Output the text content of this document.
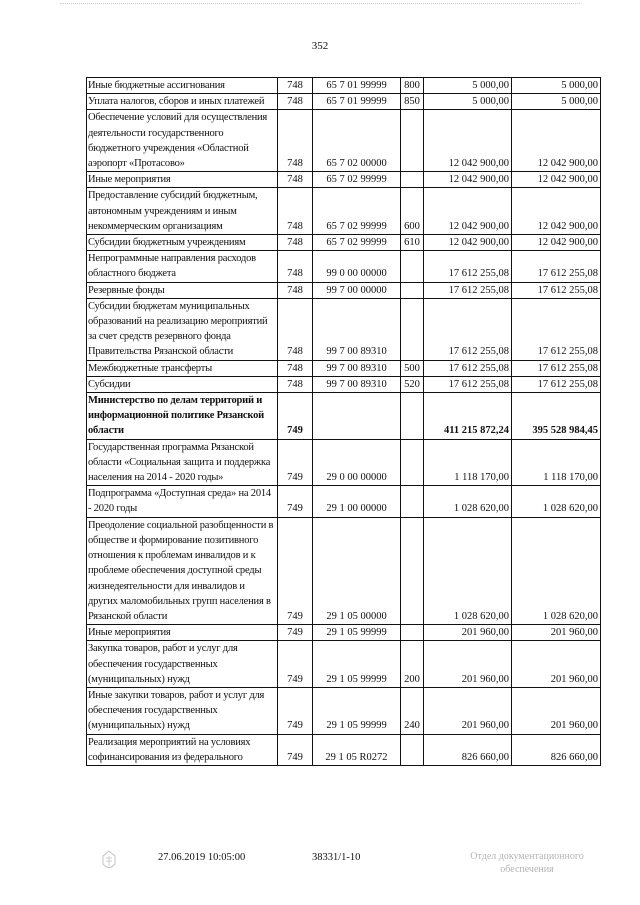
352
Иные бюджетные ассигнования	748	65 7 01 99999	800	5 000,00	5 000,00
Уплата налогов, сборов и иных платежей	748	65 7 01 99999	850	5 000,00	5 000,00
Обеспечение условий для осуществления деятельности государственного бюджетного учреждения «Областной аэропорт «Протасово»	748	65 7 02 00000		12 042 900,00	12 042 900,00
Иные мероприятия	748	65 7 02 99999		12 042 900,00	12 042 900,00
Предоставление субсидий бюджетным, автономным учреждениям и иным некоммерческим организациям	748	65 7 02 99999	600	12 042 900,00	12 042 900,00
Субсидии бюджетным учреждениям	748	65 7 02 99999	610	12 042 900,00	12 042 900,00
Непрограммные направления расходов областного бюджета	748	99 0 00 00000		17 612 255,08	17 612 255,08
Резервные фонды	748	99 7 00 00000		17 612 255,08	17 612 255,08
Субсидии бюджетам муниципальных образований на реализацию мероприятий за счет средств резервного фонда Правительства Рязанской области	748	99 7 00 89310		17 612 255,08	17 612 255,08
Межбюджетные трансферты	748	99 7 00 89310	500	17 612 255,08	17 612 255,08
Субсидии	748	99 7 00 89310	520	17 612 255,08	17 612 255,08
Министерство по делам территорий и информационной политике Рязанской области	749			411 215 872,24	395 528 984,45
Государственная программа Рязанской области «Социальная защита и поддержка населения на 2014 - 2020 годы»	749	29 0 00 00000		1 118 170,00	1 118 170,00
Подпрограмма «Доступная среда» на 2014 - 2020 годы	749	29 1 00 00000		1 028 620,00	1 028 620,00
Преодоление социальной разобщенности в обществе и формирование позитивного отношения к проблемам инвалидов и к проблеме обеспечения доступной среды жизнедеятельности для инвалидов и других маломобильных групп населения в Рязанской области	749	29 1 05 00000		1 028 620,00	1 028 620,00
Иные мероприятия	749	29 1 05 99999		201 960,00	201 960,00
Закупка товаров, работ и услуг для обеспечения государственных (муниципальных) нужд	749	29 1 05 99999	200	201 960,00	201 960,00
Иные закупки товаров, работ и услуг для обеспечения государственных (муниципальных) нужд	749	29 1 05 99999	240	201 960,00	201 960,00
Реализация мероприятий на условиях софинансирования из федерального	749	29 1 05 R0272		826 660,00	826 660,00
27.06.2019 10:05:00	38331/1-10	Отдел документационного обеспечения
